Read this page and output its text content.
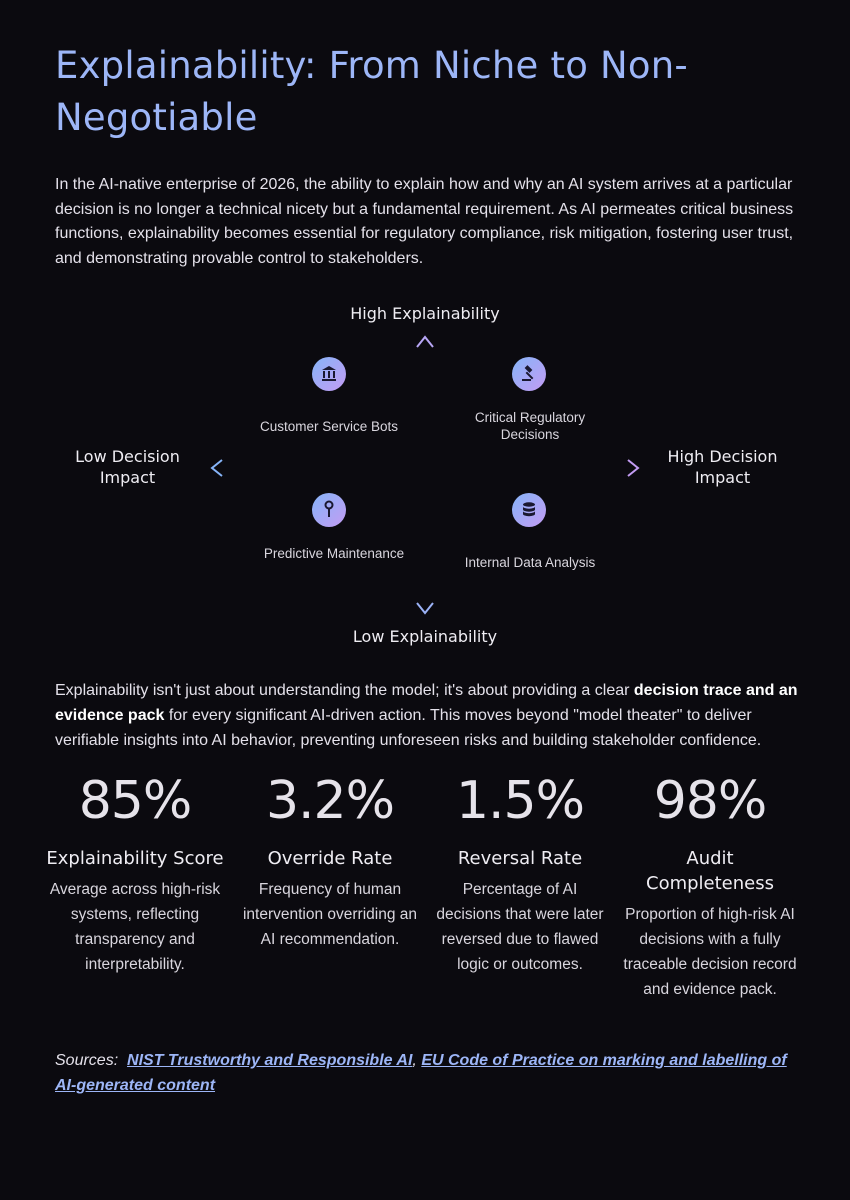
Explainability: From Niche to Non-Negotiable

In the AI-native enterprise of 2026, the ability to explain how and why an AI system arrives at a particular decision is no longer a technical nicety but a fundamental requirement. As AI permeates critical business functions, explainability becomes essential for regulatory compliance, risk mitigation, fostering user trust, and demonstrating provable control to stakeholders.

High Explainability
Low Explainability
Low Decision Impact
High Decision Impact
Customer Service Bots
Critical Regulatory Decisions
Predictive Maintenance
Internal Data Analysis

Explainability isn't just about understanding the model; it's about providing a clear decision trace and an evidence pack for every significant AI-driven action. This moves beyond "model theater" to deliver verifiable insights into AI behavior, preventing unforeseen risks and building stakeholder confidence.

85%
Explainability Score
Average across high-risk systems, reflecting transparency and interpretability.
3.2%
Override Rate
Frequency of human intervention overriding an AI recommendation.
1.5%
Reversal Rate
Percentage of AI decisions that were later reversed due to flawed logic or outcomes.
98%
Audit Completeness
Proportion of high-risk AI decisions with a fully traceable decision record and evidence pack.

Sources: NIST Trustworthy and Responsible AI, EU Code of Practice on marking and labelling of AI-generated content
